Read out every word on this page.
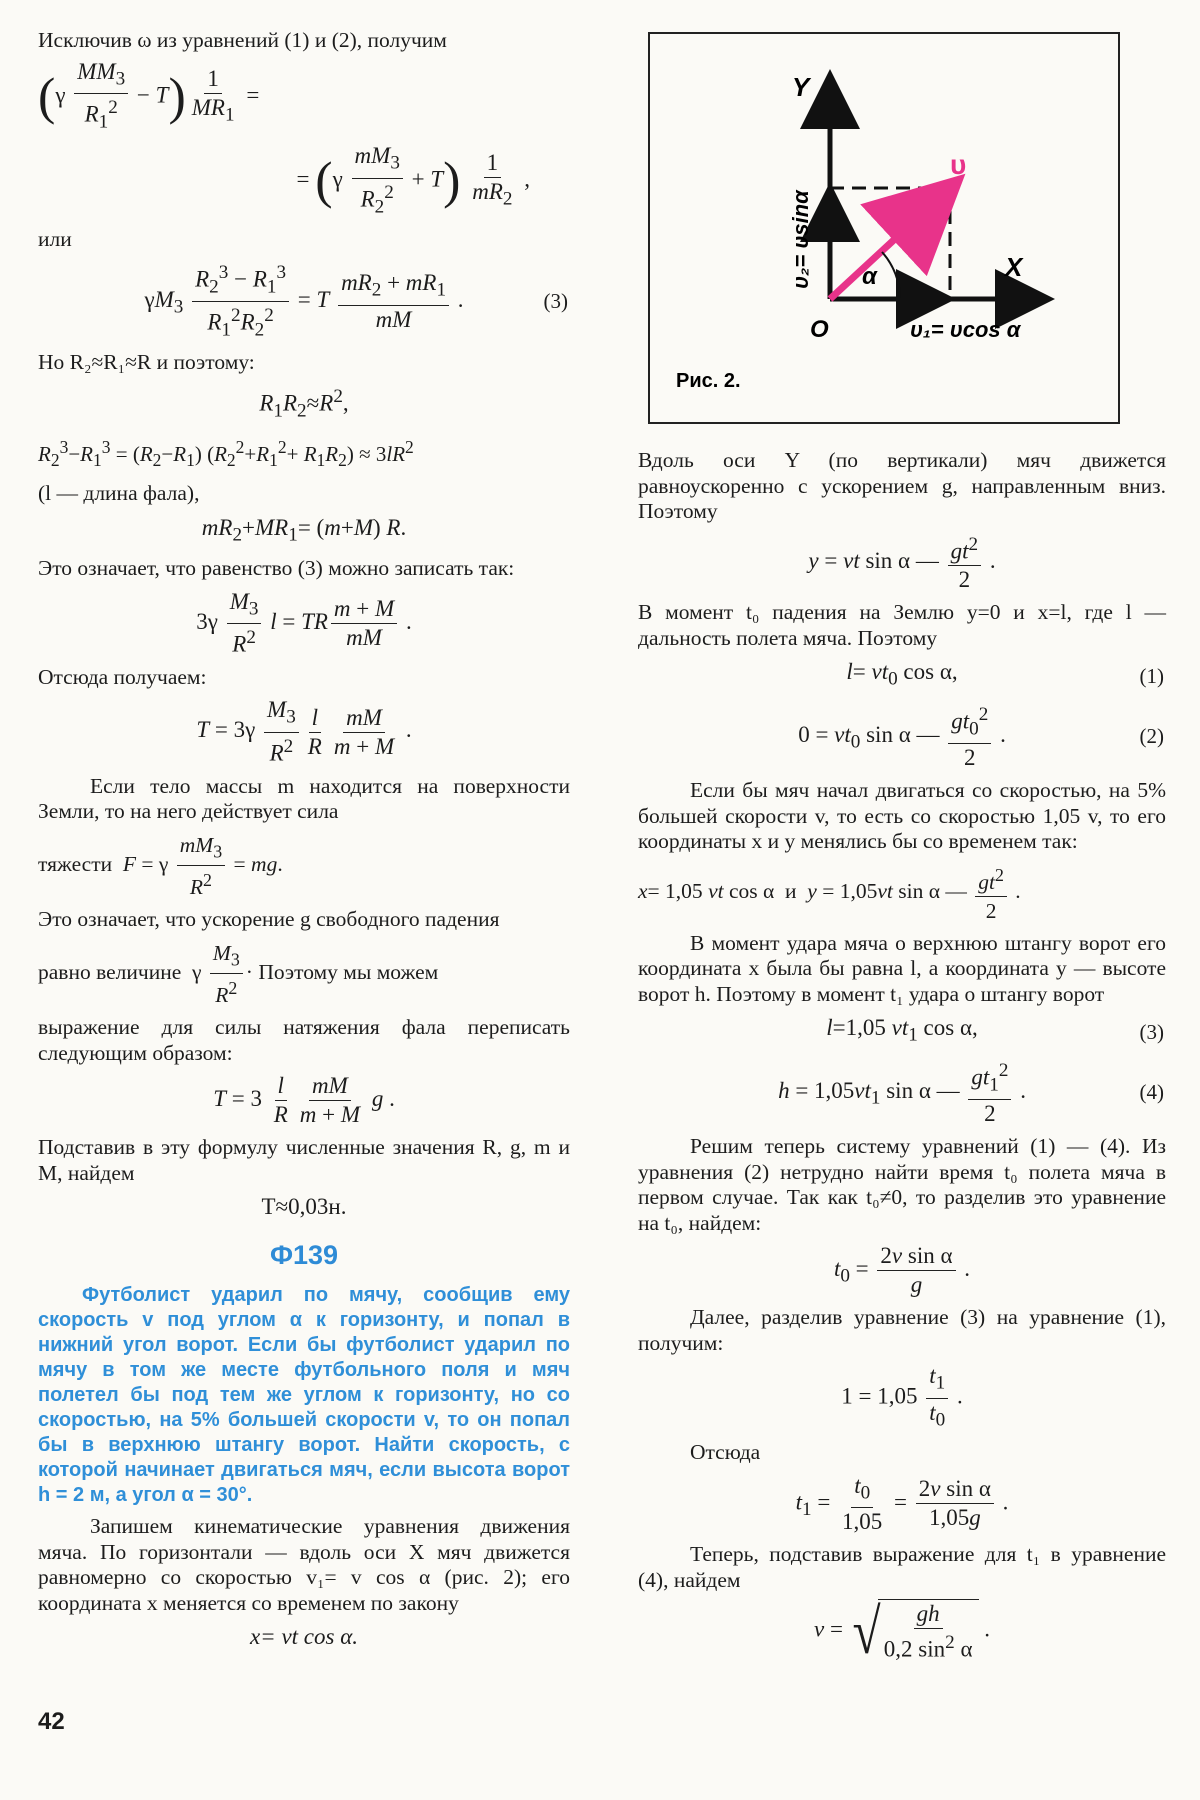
Исключив ω из уравнений (1) и (2), получим

$(\gamma \frac{MM_3}{R_1^2} - T) \frac{1}{MR_1}$ =
= $(\gamma \frac{mM_3}{R_2^2} + T) \frac{1}{mR_2}$ ,

или

$\gamma M_3 \frac{R_2^3 - R_1^3}{R_1^2R_2^2} = T \frac{mR_2 + mR_1}{mM}$ .	(3)

Но R₂≈R₁≈R и поэтому:

$R_1R_2\approx R^2$,
$R_2^3-R_1^3 = (R_2-R_1)$ $(R_2^2+R_1^2+ R_1R_2) \approx 3lR^2$

(l — длина фала),

$mR_2+MR_1= (m+M)$ R.

Это означает, что равенство (3) можно записать так:

$3\gamma \frac{M_3}{R^2}$ l = TR $\frac{m + M}{mM}$ .

Отсюда получаем:

$T = 3\gamma \frac{M_3}{R^2} \frac{l}{R} \frac{mM}{m + M}$ .

Если тело массы m находится на поверхности Земли, то на него действует сила

тяжести F = γ $\frac{mM_3}{R^2}$ = mg.

Это означает, что ускорение g свободного падения

равно величине  γ $\frac{M_3}{R^2}$ · Поэтому мы можем

выражение для силы натяжения фала переписать следующим образом:

$T = 3 \frac{l}{R} \frac{mM}{m + M}$ g .

Подставив в эту формулу численные значения R, g, m и M, найдем

T≈0,03н.
Ф139

Футболист ударил по мячу, сообщив ему скорость v под углом α к горизонту, и попал в нижний угол ворот. Если бы футболист ударил по мячу в том же месте футбольного поля и мяч полетел бы под тем же углом к горизонту, но со скоростью, на 5% большей скорости v, то он попал бы в верхнюю штангу ворот. Найти скорость, с которой начинает двигаться мяч, если высота ворот h = 2 м, а угол α = 30°.

Запишем кинематические уравнения движения мяча. По горизонтали — вдоль оси X мяч движется равномерно со скоростью v₁= v cos α (рис. 2); его координата x меняется со временем по закону

x= vt cos α.
Y
X
O
υ
α
υ₂= υsinα
υ₁= υcos α
Рис. 2.

Вдоль оси Y (по вертикали) мяч движется равноускоренно с ускорением g, направленным вниз. Поэтому

y = vt sin α — $\frac{gt^2}{2}$ .

В момент t₀ падения на Землю y=0 и x=l, где l — дальность полета мяча. Поэтому

$l= vt_0$ cos α,	(1)
$0 = vt_0$ sin α — $\frac{gt_0^2}{2}$ .	(2)

Если бы мяч начал двигаться со скоростью, на 5% большей скорости v, то есть со скоростью 1,05 v, то его координаты x и y менялись бы со временем так:

x= 1,05 vt cos α  и  y = 1,05vt sin α — $\frac{gt^2}{2}$ .

В момент удара мяча о верхнюю штангу ворот его координата x была бы равна l, а координата y — высоте ворот h. Поэтому в момент t₁ удара о штангу ворот

l=1,05 $vt_1$ cos α,	(3)
$h = 1,05vt_1$ sin α — $\frac{gt_1^2}{2}$ .	(4)

Решим теперь систему уравнений (1) — (4). Из уравнения (2) нетрудно найти время t₀ полета мяча в первом случае. Так как t₀≠0, то разделив это уравнение на t₀, найдем:

$t_0 = \frac{\text{2v sin α}}{g}$ .

Далее, разделив уравнение (3) на уравнение (1), получим:

$1 = 1,05 \frac{t_1}{t_0}$ .

Отсюда

$t_1 = \frac{t_0}{1,05} = \frac{\text{2v sin α}}{1,05g}$ .

Теперь, подставив выражение для t₁ в уравнение (4), найдем

v = √ $\frac{gh}{0,2 \sin^2 \alpha}$ .
42
